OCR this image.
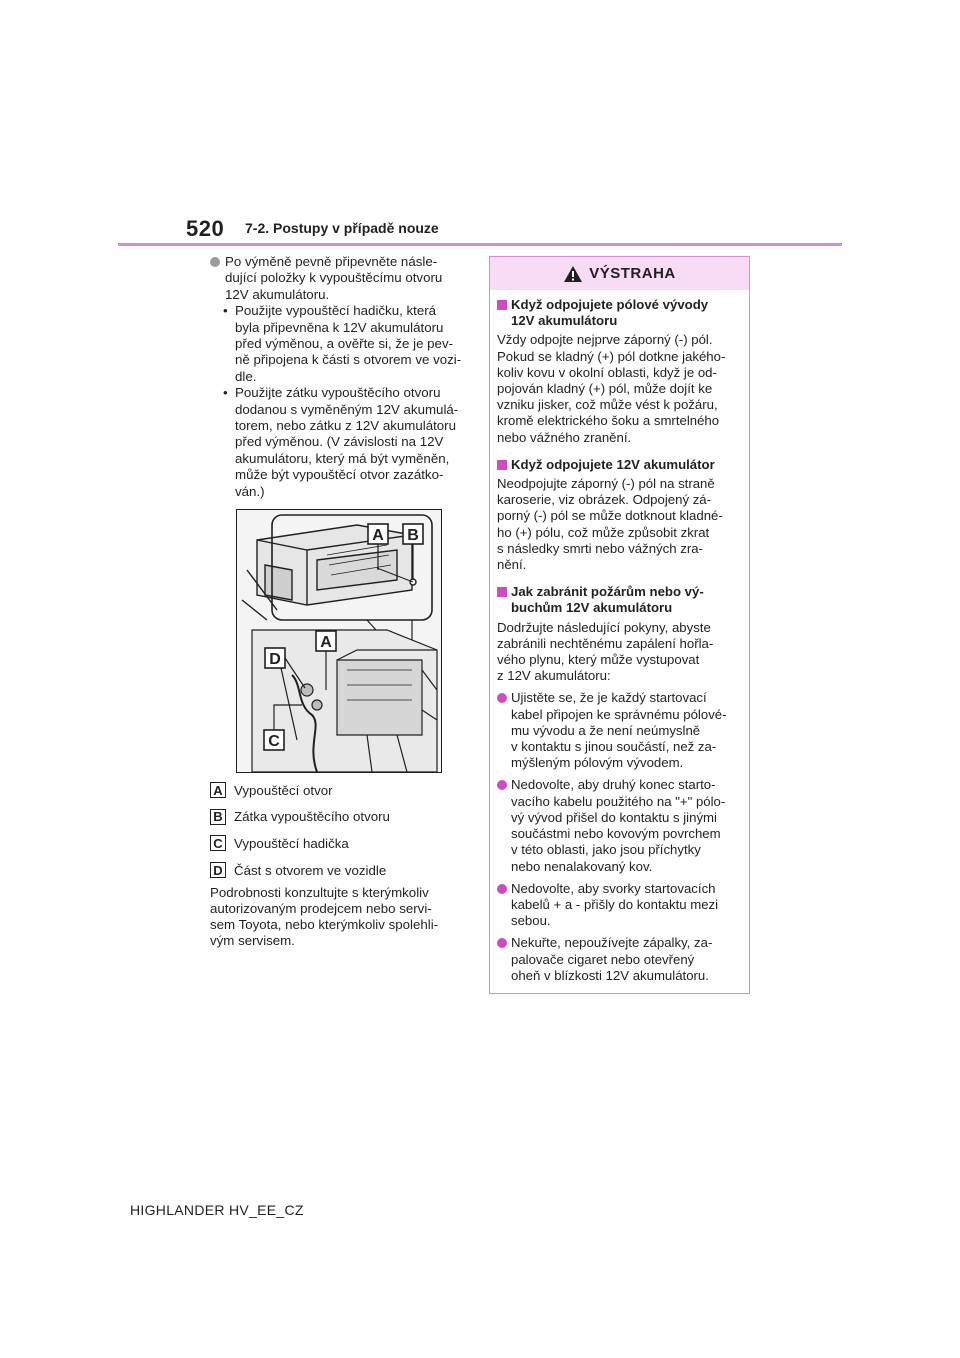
520 7-2. Postupy v případě nouze
Po výměně pevně připevněte násle-
dující položky k vypouštěcímu otvoru
12V akumulátoru.
• Použijte vypouštěcí hadičku, která
byla připevněna k 12V akumulátoru
před výměnou, a ověřte si, že je pev-
ně připojena k části s otvorem ve vozi-
dle.
• Použijte zátku vypouštěcího otvoru
dodanou s vyměněným 12V akumulá-
torem, nebo zátku z 12V akumulátoru
před výměnou. (V závislosti na 12V
akumulátoru, který má být vyměněn,
může být vypouštěcí otvor zazátko-
ván.)
A B
A
D
C
A Vypouštěcí otvor
B Zátka vypouštěcího otvoru
C Vypouštěcí hadička
D Část s otvorem ve vozidle
Podrobnosti konzultujte s kterýmkoliv
autorizovaným prodejcem nebo servi-
sem Toyota, nebo kterýmkoliv spolehli-
vým servisem.
VÝSTRAHA
Když odpojujete pólové vývody
12V akumulátoru
Vždy odpojte nejprve záporný (-) pól.
Pokud se kladný (+) pól dotkne jakého-
koliv kovu v okolní oblasti, když je od-
pojován kladný (+) pól, může dojít ke
vzniku jisker, což může vést k požáru,
kromě elektrického šoku a smrtelného
nebo vážného zranění.
Když odpojujete 12V akumulátor
Neodpojujte záporný (-) pól na straně
karoserie, viz obrázek. Odpojený zá-
porný (-) pól se může dotknout kladné-
ho (+) pólu, což může způsobit zkrat
s následky smrti nebo vážných zra-
nění.
Jak zabránit požárům nebo vý-
buchům 12V akumulátoru
Dodržujte následující pokyny, abyste
zabránili nechtěnému zapálení hořla-
vého plynu, který může vystupovat
z 12V akumulátoru:
Ujistěte se, že je každý startovací
kabel připojen ke správnému pólové-
mu vývodu a že není neúmyslně
v kontaktu s jinou součástí, než za-
mýšleným pólovým vývodem.
Nedovolte, aby druhý konec starto-
vacího kabelu použitého na "+" pólo-
vý vývod přišel do kontaktu s jinými
součástmi nebo kovovým povrchem
v této oblasti, jako jsou příchytky
nebo nenalakovaný kov.
Nedovolte, aby svorky startovacích
kabelů + a - přišly do kontaktu mezi
sebou.
Nekuřte, nepoužívejte zápalky, za-
palovače cigaret nebo otevřený
oheň v blízkosti 12V akumulátoru.
HIGHLANDER HV_EE_CZ
